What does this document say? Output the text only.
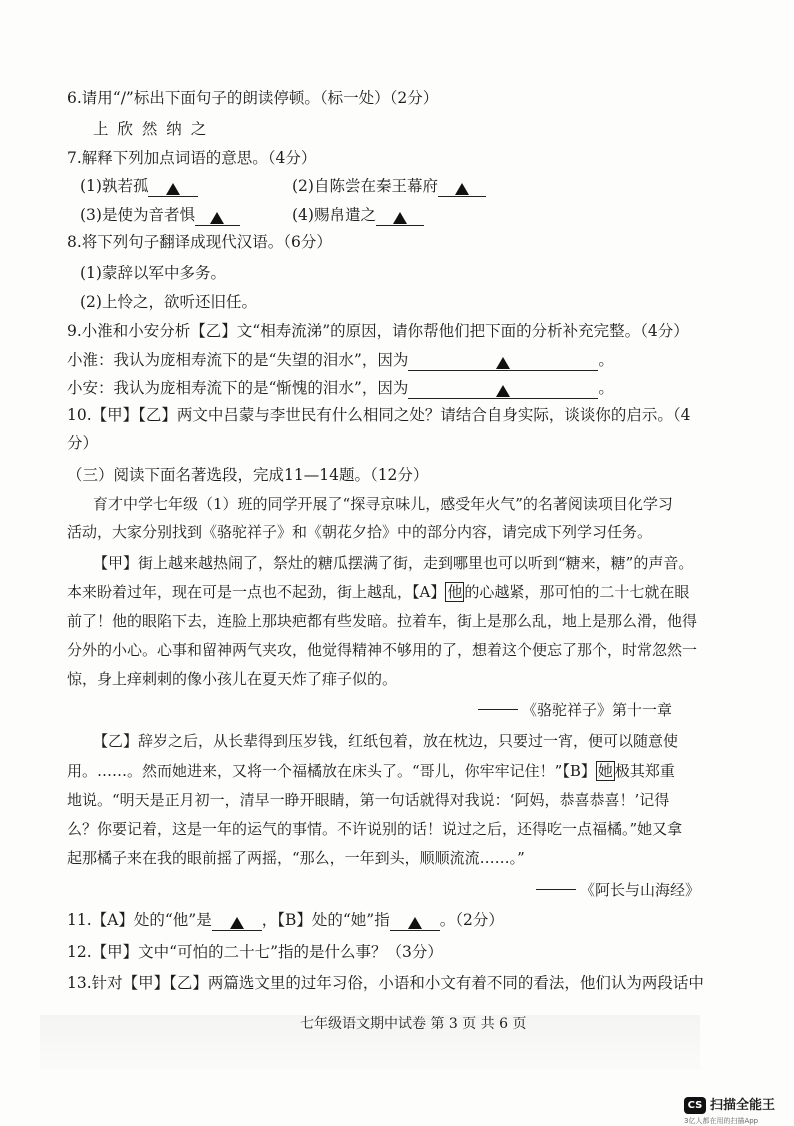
6.请用“/”标出下面句子的朗读停顿。（标一处）（2分）
上 欣 然 纳 之
7.解释下列加点词语的意思。（4分）
(1)孰若孤	(2)自陈尝在秦王幕府
(3)是使为音者惧	(4)赐帛遣之
8.将下列句子翻译成现代汉语。（6分）
(1)蒙辞以军中多务。
(2)上怜之，欲听还旧任。
9.小淮和小安分析【乙】文“相寿流涕”的原因，请你帮他们把下面的分析补充完整。（4分）
小淮：我认为庞相寿流下的是“失望的泪水”，因为	。
小安：我认为庞相寿流下的是“惭愧的泪水”，因为	。
10.【甲】【乙】两文中吕蒙与李世民有什么相同之处？请结合自身实际，谈谈你的启示。（4
分）
（三）阅读下面名著选段，完成11—14题。（12分）
育才中学七年级（1）班的同学开展了“探寻京味儿，感受年火气”的名著阅读项目化学习
活动，大家分别找到《骆驼祥子》和《朝花夕拾》中的部分内容，请完成下列学习任务。
【甲】街上越来越热闹了，祭灶的糖瓜摆满了街，走到哪里也可以听到“糖来，糖”的声音。
本来盼着过年，现在可是一点也不起劲，街上越乱，【A】 他 的心越紧，那可怕的二十七就在眼
前了！他的眼陷下去，连脸上那块疤都有些发暗。拉着车，街上是那么乱，地上是那么滑，他得
分外的小心。心事和留神两气夹攻，他觉得精神不够用的了，想着这个便忘了那个，时常忽然一
惊，身上痒刺刺的像小孩儿在夏天炸了痱子似的。
《骆驼祥子》第十一章
【乙】辞岁之后，从长辈得到压岁钱，红纸包着，放在枕边，只要过一宵，便可以随意使
用。……。然而她进来，又将一个福橘放在床头了。“哥儿，你牢牢记住！”【B】 她 极其郑重
地说。“明天是正月初一，清早一睁开眼睛，第一句话就得对我说：‘阿妈，恭喜恭喜！’记得
么？你要记着，这是一年的运气的事情。不许说别的话！说过之后，还得吃一点福橘。”她又拿
起那橘子来在我的眼前摇了两摇，“那么，一年到头，顺顺流流……。”
《阿长与山海经》
11.【A】处的“他”是	，【B】处的“她”指	。（2分）
12.【甲】文中“可怕的二十七”指的是什么事？（3分）
13.针对【甲】【乙】两篇选文里的过年习俗，小语和小文有着不同的看法，他们认为两段话中
七年级语文期中试卷 第 3 页 共 6 页
CS 扫描全能王
3亿人都在用的扫描App
